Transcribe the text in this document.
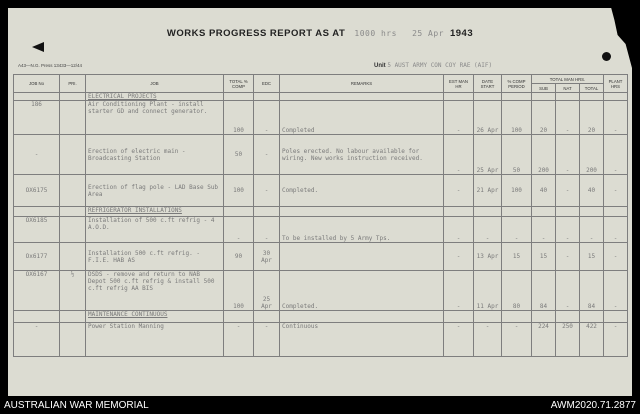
WORKS PROGRESS REPORT AS AT 1000 hrs 25 Apr 1943
A43—N.G. Press 13433—12/44	Unit 5 AUST ARMY CON COY RAE (AIF)
JOB No	PRI.	JOB	TOTAL % COMP	EDC	REMARKS	EST MAN HR	DATE START	% COMP PERIOD	TOTAL MAN HRS.			PLANT HRS
									SUB	NAT	TOTAL	
		ELECTRICAL PROJECTS										
186		Air Conditioning Plant - install starter GD and connect generator.	100	-	Completed	-	26 Apr	100	20	-	20	-
-		Erection of electric main - Broadcasting Station	50	-	Poles erected. No labour available for wiring. New works instruction received.	-	25 Apr	50	200	-	200	-
OX6175		Erection of flag pole - LAD Base Sub Area	100	-	Completed.	-	21 Apr	100	40	-	40	-
		REFRIGERATOR INSTALLATIONS										
OX6185		Installation of 500 c.ft refrig - 4 A.O.D.	-	-	To be installed by 5 Army Tps.	-	-	-	-	-	-	-
Ox6177		Installation 500 c.ft refrig. - F.I.E. HAB AS	90	30 Apr		-	13 Apr	15	15	-	15	-
OX6167	½	DSDS - remove and return to NAB Depot 500 c.ft refrig & install 500 c.ft refrig AA BIS	100	25 Apr	Completed.	-	11 Apr	80	84	-	84	-
		MAINTENANCE CONTINUOUS										
-		Power Station Manning	-	-	Continuous	-	-	-	224	250	422	-
AUSTRALIAN WAR MEMORIAL	AWM2020.71.2877
